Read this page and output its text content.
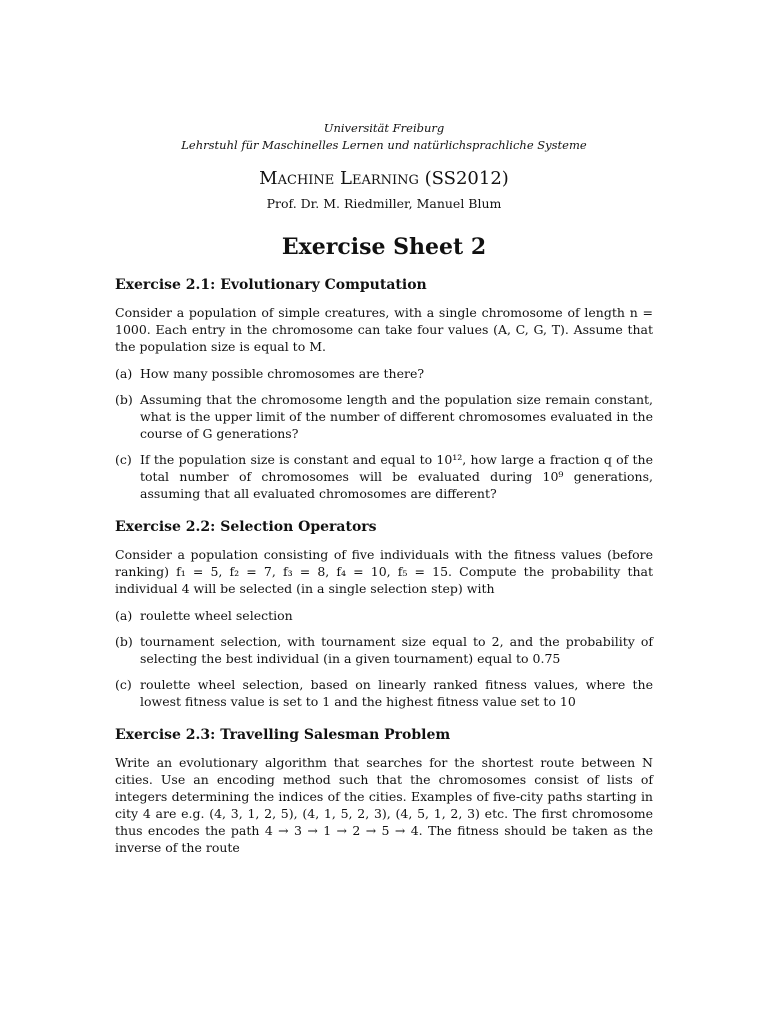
Universität Freiburg
Lehrstuhl für Maschinelles Lernen und natürlichsprachliche Systeme
Machine Learning (SS2012)
Prof. Dr. M. Riedmiller, Manuel Blum
Exercise Sheet 2
Exercise 2.1: Evolutionary Computation

Consider a population of simple creatures, with a single chromosome of length n = 1000. Each entry in the chromosome can take four values (A, C, G, T). Assume that the population size is equal to M.

(a) How many possible chromosomes are there?
(b) Assuming that the chromosome length and the population size remain constant, what is the upper limit of the number of different chromosomes evaluated in the course of G generations?
(c) If the population size is constant and equal to 10¹², how large a fraction q of the total number of chromosomes will be evaluated during 10⁹ generations, assuming that all evaluated chromosomes are different?
Exercise 2.2: Selection Operators

Consider a population consisting of five individuals with the fitness values (before ranking) f₁ = 5, f₂ = 7, f₃ = 8, f₄ = 10, f₅ = 15. Compute the probability that individual 4 will be selected (in a single selection step) with

(a) roulette wheel selection
(b) tournament selection, with tournament size equal to 2, and the probability of selecting the best individual (in a given tournament) equal to 0.75
(c) roulette wheel selection, based on linearly ranked fitness values, where the lowest fitness value is set to 1 and the highest fitness value set to 10
Exercise 2.3: Travelling Salesman Problem

Write an evolutionary algorithm that searches for the shortest route between N cities. Use an encoding method such that the chromosomes consist of lists of integers determining the indices of the cities. Examples of five-city paths starting in city 4 are e.g. (4, 3, 1, 2, 5), (4, 1, 5, 2, 3), (4, 5, 1, 2, 3) etc. The first chromosome thus encodes the path 4 → 3 → 1 → 2 → 5 → 4. The fitness should be taken as the inverse of the route
